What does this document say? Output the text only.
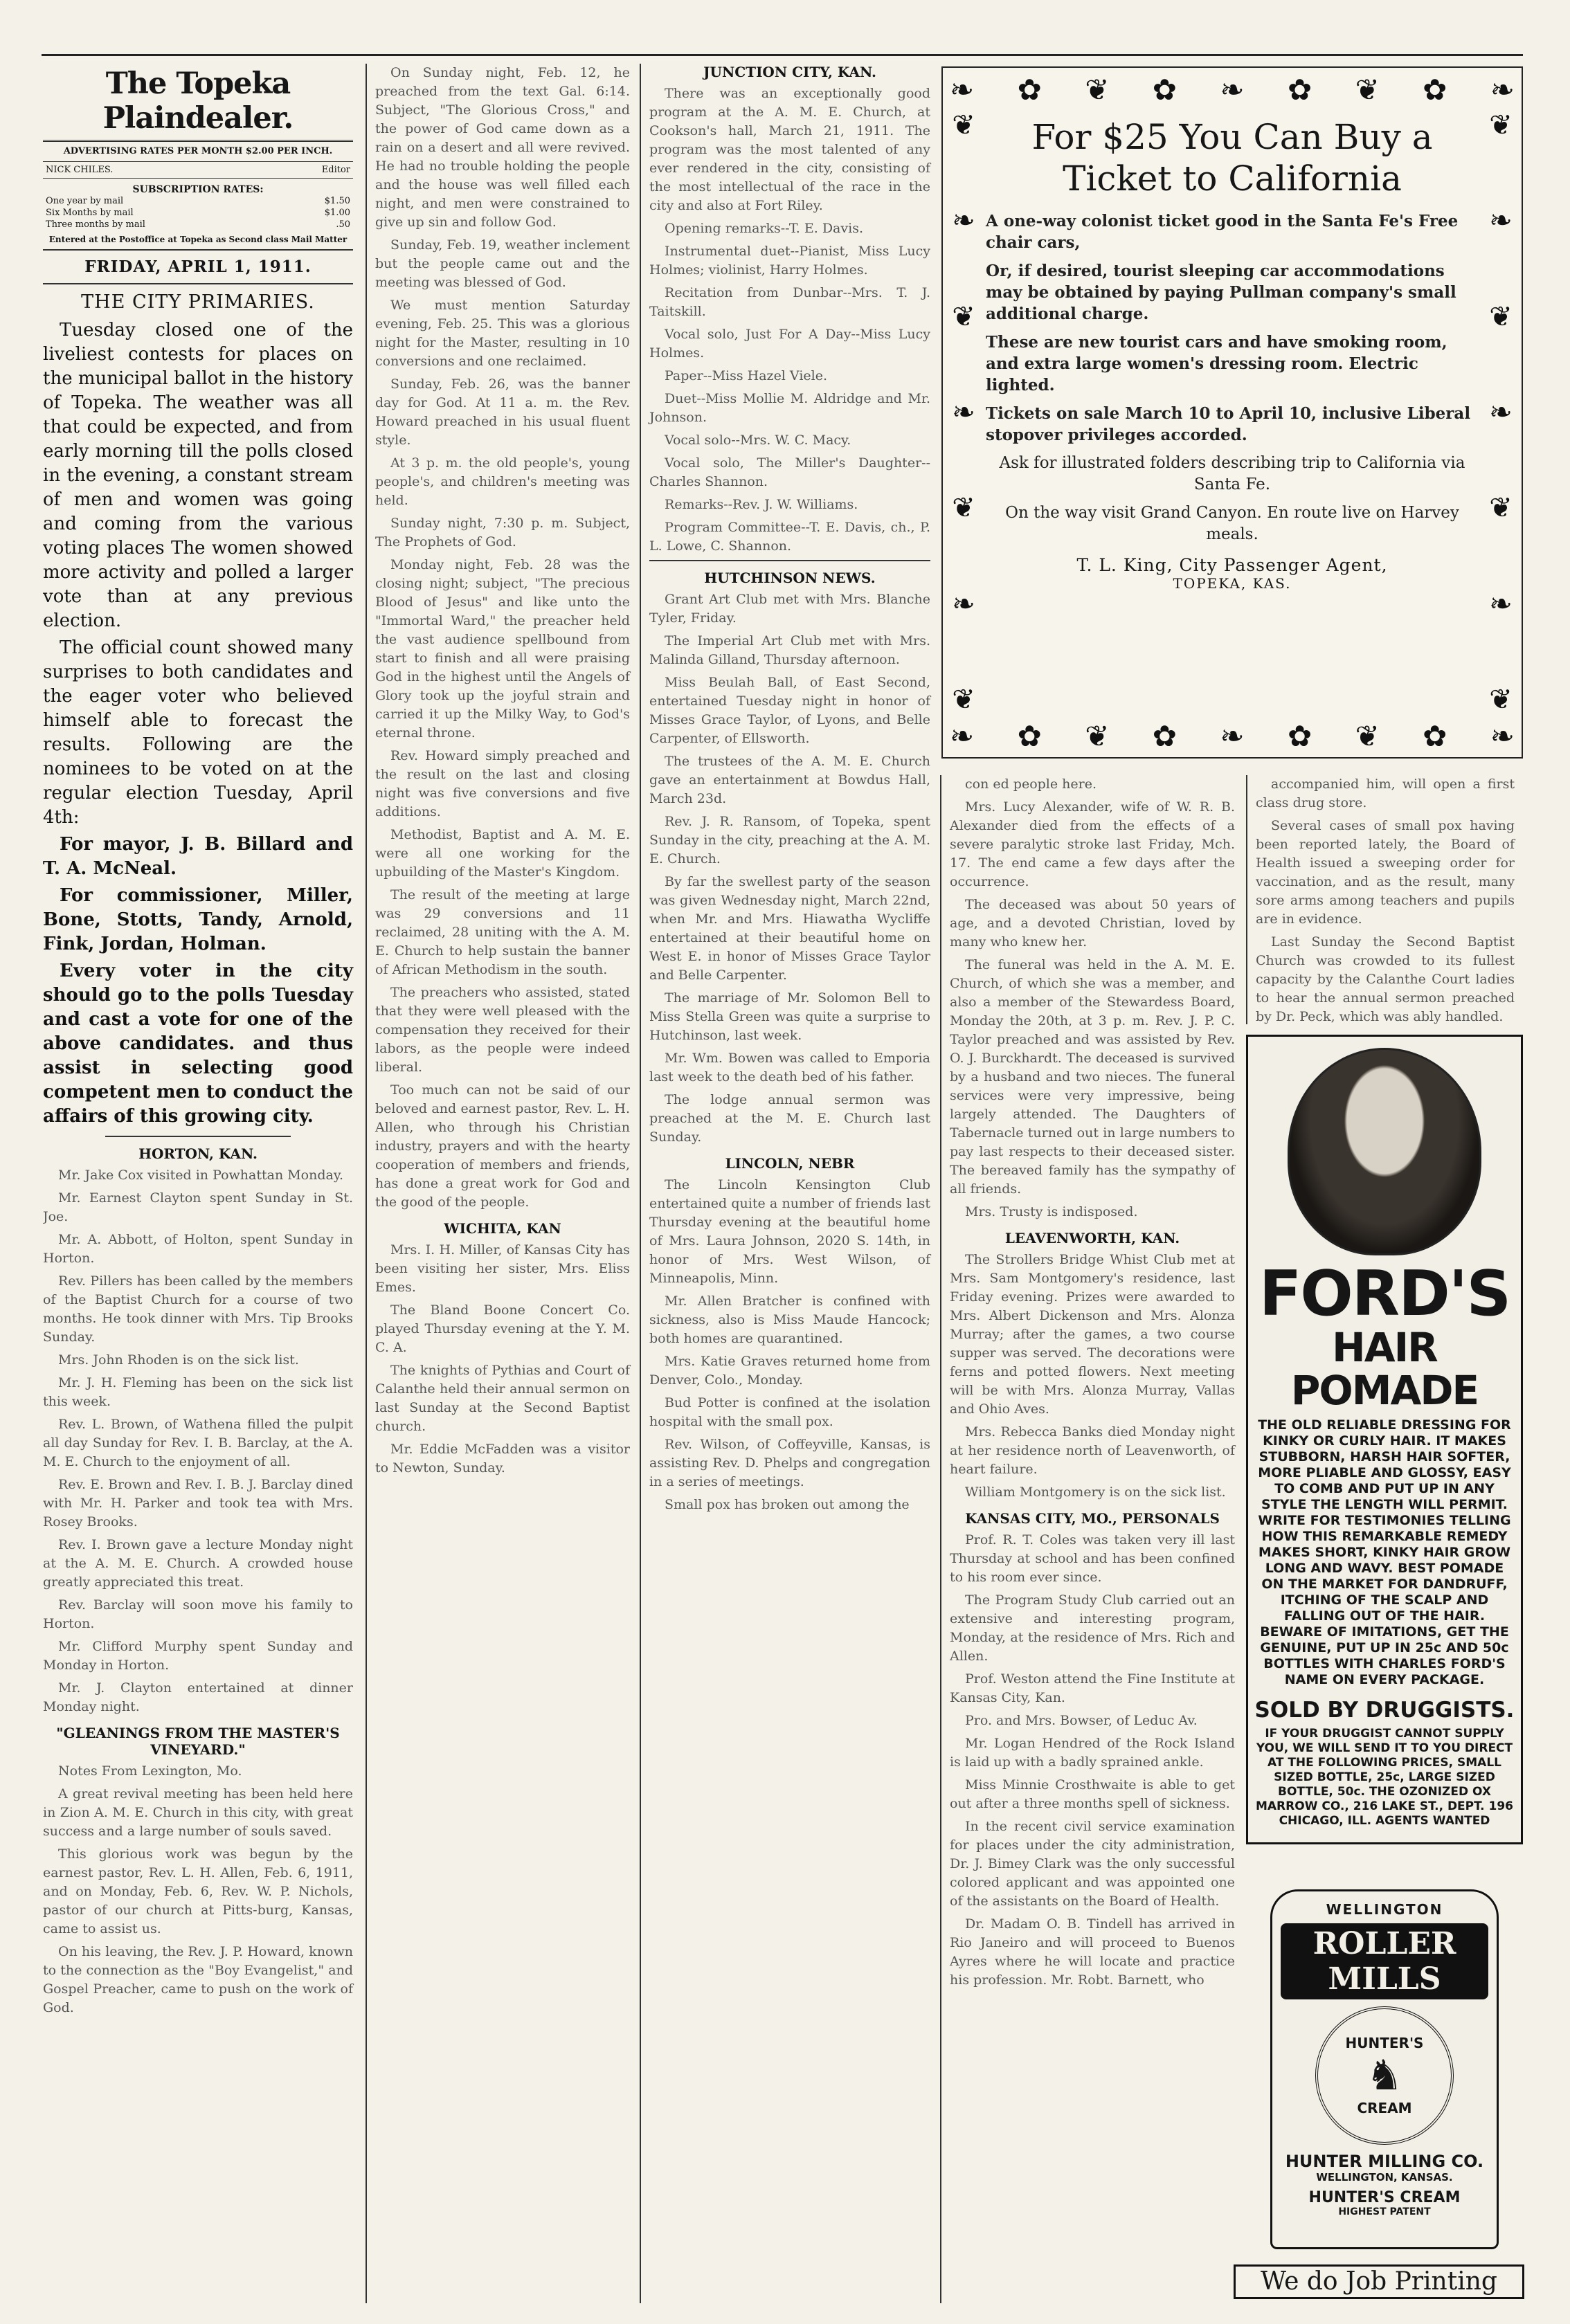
The Topeka Plaindealer.
ADVERTISING RATES PER MONTH $2.00 PER INCH.
NICK CHILES.	Editor
SUBSCRIPTION RATES:
One year by mail	$1.50
Six Months by mail	$1.00
Three months by mail	.50
Entered at the Postoffice at Topeka as Second class Mail Matter
FRIDAY, APRIL 1, 1911.
THE CITY PRIMARIES.

Tuesday closed one of the liveliest contests for places on the municipal ballot in the history of Topeka. The weather was all that could be expected, and from early morning till the polls closed in the evening, a constant stream of men and women was going and coming from the various voting places The women showed more activity and polled a larger vote than at any previous election.

The official count showed many surprises to both candidates and the eager voter who believed himself able to forecast the results. Following are the nominees to be voted on at the regular election Tuesday, April 4th:

For mayor, J. B. Billard and T. A. McNeal.

For commissioner, Miller, Bone, Stotts, Tandy, Arnold, Fink, Jordan, Holman.

Every voter in the city should go to the polls Tuesday and cast a vote for one of the above candidates. and thus assist in selecting good competent men to conduct the affairs of this growing city.

HORTON, KAN.

Mr. Jake Cox visited in Powhattan Monday.

Mr. Earnest Clayton spent Sunday in St. Joe.

Mr. A. Abbott, of Holton, spent Sunday in Horton.

Rev. Pillers has been called by the members of the Baptist Church for a course of two months. He took dinner with Mrs. Tip Brooks Sunday.

Mrs. John Rhoden is on the sick list.

Mr. J. H. Fleming has been on the sick list this week.

Rev. L. Brown, of Wathena filled the pulpit all day Sunday for Rev. I. B. Barclay, at the A. M. E. Church to the enjoyment of all.

Rev. E. Brown and Rev. I. B. J. Barclay dined with Mr. H. Parker and took tea with Mrs. Rosey Brooks.

Rev. I. Brown gave a lecture Monday night at the A. M. E. Church. A crowded house greatly appreciated this treat.

Rev. Barclay will soon move his family to Horton.

Mr. Clifford Murphy spent Sunday and Monday in Horton.

Mr. J. Clayton entertained at dinner Monday night.

"GLEANINGS FROM THE MASTER'S VINEYARD."

Notes From Lexington, Mo.

A great revival meeting has been held here in Zion A. M. E. Church in this city, with great success and a large number of souls saved.

This glorious work was begun by the earnest pastor, Rev. L. H. Allen, Feb. 6, 1911, and on Monday, Feb. 6, Rev. W. P. Nichols, pastor of our church at Pitts-burg, Kansas, came to assist us.

On his leaving, the Rev. J. P. Howard, known to the connection as the "Boy Evangelist," and Gospel Preacher, came to push on the work of God.

On Sunday night, Feb. 12, he preached from the text Gal. 6:14. Subject, "The Glorious Cross," and the power of God came down as a rain on a desert and all were revived. He had no trouble holding the people and the house was well filled each night, and men were constrained to give up sin and follow God.

Sunday, Feb. 19, weather inclement but the people came out and the meeting was blessed of God.

We must mention Saturday evening, Feb. 25. This was a glorious night for the Master, resulting in 10 conversions and one reclaimed.

Sunday, Feb. 26, was the banner day for God. At 11 a. m. the Rev. Howard preached in his usual fluent style.

At 3 p. m. the old people's, young people's, and children's meeting was held.

Sunday night, 7:30 p. m. Subject, The Prophets of God.

Monday night, Feb. 28 was the closing night; subject, "The precious Blood of Jesus" and like unto the "Immortal Ward," the preacher held the vast audience spellbound from start to finish and all were praising God in the highest until the Angels of Glory took up the joyful strain and carried it up the Milky Way, to God's eternal throne.

Rev. Howard simply preached and the result on the last and closing night was five conversions and five additions.

Methodist, Baptist and A. M. E. were all one working for the upbuilding of the Master's Kingdom.

The result of the meeting at large was 29 conversions and 11 reclaimed, 28 uniting with the A. M. E. Church to help sustain the banner of African Methodism in the south.

The preachers who assisted, stated that they were well pleased with the compensation they received for their labors, as the people were indeed liberal.

Too much can not be said of our beloved and earnest pastor, Rev. L. H. Allen, who through his Christian industry, prayers and with the hearty cooperation of members and friends, has done a great work for God and the good of the people.

WICHITA, KAN

Mrs. I. H. Miller, of Kansas City has been visiting her sister, Mrs. Eliss Emes.

The Bland Boone Concert Co. played Thursday evening at the Y. M. C. A.

The knights of Pythias and Court of Calanthe held their annual sermon on last Sunday at the Second Baptist church.

Mr. Eddie McFadden was a visitor to Newton, Sunday.

JUNCTION CITY, KAN.

There was an exceptionally good program at the A. M. E. Church, at Cookson's hall, March 21, 1911. The program was the most talented of any ever rendered in the city, consisting of the most intellectual of the race in the city and also at Fort Riley.

Opening remarks--T. E. Davis.

Instrumental duet--Pianist, Miss Lucy Holmes; violinist, Harry Holmes.

Recitation from Dunbar--Mrs. T. J. Taitskill.

Vocal solo, Just For A Day--Miss Lucy Holmes.

Paper--Miss Hazel Viele.

Duet--Miss Mollie M. Aldridge and Mr. Johnson.

Vocal solo--Mrs. W. C. Macy.

Vocal solo, The Miller's Daughter--Charles Shannon.

Remarks--Rev. J. W. Williams.

Program Committee--T. E. Davis, ch., P. L. Lowe, C. Shannon.

HUTCHINSON NEWS.

Grant Art Club met with Mrs. Blanche Tyler, Friday.

The Imperial Art Club met with Mrs. Malinda Gilland, Thursday afternoon.

Miss Beulah Ball, of East Second, entertained Tuesday night in honor of Misses Grace Taylor, of Lyons, and Belle Carpenter, of Ellsworth.

The trustees of the A. M. E. Church gave an entertainment at Bowdus Hall, March 23d.

Rev. J. R. Ransom, of Topeka, spent Sunday in the city, preaching at the A. M. E. Church.

By far the swellest party of the season was given Wednesday night, March 22nd, when Mr. and Mrs. Hiawatha Wycliffe entertained at their beautiful home on West E. in honor of Misses Grace Taylor and Belle Carpenter.

The marriage of Mr. Solomon Bell to Miss Stella Green was quite a surprise to Hutchinson, last week.

Mr. Wm. Bowen was called to Emporia last week to the death bed of his father.

The lodge annual sermon was preached at the M. E. Church last Sunday.

LINCOLN, NEBR

The Lincoln Kensington Club entertained quite a number of friends last Thursday evening at the beautiful home of Mrs. Laura Johnson, 2020 S. 14th, in honor of Mrs. West Wilson, of Minneapolis, Minn.

Mr. Allen Bratcher is confined with sickness, also is Miss Maude Hancock; both homes are quarantined.

Mrs. Katie Graves returned home from Denver, Colo., Monday.

Bud Potter is confined at the isolation hospital with the small pox.

Rev. Wilson, of Coffeyville, Kansas, is assisting Rev. D. Phelps and congregation in a series of meetings.

Small pox has broken out among the

❧ ✿ ❦ ✿ ❧ ✿ ❦ ✿ ❧
❧ ✿ ❦ ✿ ❧ ✿ ❦ ✿ ❧
❦
❧
❦
❧
❦
❧
❦
❦
❧
❦
❧
❦
❧
❦
For $25 You Can Buy a
Ticket to California

A one-way colonist ticket good in the Santa Fe's Free chair cars,

Or, if desired, tourist sleeping car accommodations may be obtained by paying Pullman company's small additional charge.

These are new tourist cars and have smoking room, and extra large women's dressing room. Electric lighted.

Tickets on sale March 10 to April 10, inclusive Liberal stopover privileges accorded.

Ask for illustrated folders describing trip to California via Santa Fe.
On the way visit Grand Canyon. En route live on Harvey meals.
T. L. King, City Passenger Agent,
TOPEKA, KAS.

con ed people here.

Mrs. Lucy Alexander, wife of W. R. B. Alexander died from the effects of a severe paralytic stroke last Friday, Mch. 17. The end came a few days after the occurrence.

The deceased was about 50 years of age, and a devoted Christian, loved by many who knew her.

The funeral was held in the A. M. E. Church, of which she was a member, and also a member of the Stewardess Board, Monday the 20th, at 3 p. m. Rev. J. P. C. Taylor preached and was assisted by Rev. O. J. Burckhardt. The deceased is survived by a husband and two nieces. The funeral services were very impressive, being largely attended. The Daughters of Tabernacle turned out in large numbers to pay last respects to their deceased sister. The bereaved family has the sympathy of all friends.

Mrs. Trusty is indisposed.

LEAVENWORTH, KAN.

The Strollers Bridge Whist Club met at Mrs. Sam Montgomery's residence, last Friday evening. Prizes were awarded to Mrs. Albert Dickenson and Mrs. Alonza Murray; after the games, a two course supper was served. The decorations were ferns and potted flowers. Next meeting will be with Mrs. Alonza Murray, Vallas and Ohio Aves.

Mrs. Rebecca Banks died Monday night at her residence north of Leavenworth, of heart failure.

William Montgomery is on the sick list.

KANSAS CITY, MO., PERSONALS

Prof. R. T. Coles was taken very ill last Thursday at school and has been confined to his room ever since.

The Program Study Club carried out an extensive and interesting program, Monday, at the residence of Mrs. Rich and Allen.

Prof. Weston attend the Fine Institute at Kansas City, Kan.

Pro. and Mrs. Bowser, of Leduc Av.

Mr. Logan Hendred of the Rock Island is laid up with a badly sprained ankle.

Miss Minnie Crosthwaite is able to get out after a three months spell of sickness.

In the recent civil service examination for places under the city administration, Dr. J. Bimey Clark was the only successful colored applicant and was appointed one of the assistants on the Board of Health.

Dr. Madam O. B. Tindell has arrived in Rio Janeiro and will proceed to Buenos Ayres where he will locate and practice his profession. Mr. Robt. Barnett, who

accompanied him, will open a first class drug store.

Several cases of small pox having been reported lately, the Board of Health issued a sweeping order for vaccination, and as the result, many sore arms among teachers and pupils are in evidence.

Last Sunday the Second Baptist Church was crowded to its fullest capacity by the Calanthe Court ladies to hear the annual sermon preached by Dr. Peck, which was ably handled.

FORD'S
HAIR POMADE
THE OLD RELIABLE DRESSING FOR KINKY OR CURLY HAIR. IT MAKES STUBBORN, HARSH HAIR SOFTER, MORE PLIABLE AND GLOSSY, EASY TO COMB AND PUT UP IN ANY STYLE THE LENGTH WILL PERMIT. WRITE FOR TESTIMONIES TELLING HOW THIS REMARKABLE REMEDY MAKES SHORT, KINKY HAIR GROW LONG AND WAVY. BEST POMADE ON THE MARKET FOR DANDRUFF, ITCHING OF THE SCALP AND FALLING OUT OF THE HAIR. BEWARE OF IMITATIONS, GET THE GENUINE, PUT UP IN 25c AND 50c BOTTLES WITH CHARLES FORD'S NAME ON EVERY PACKAGE.
SOLD BY DRUGGISTS.
IF YOUR DRUGGIST CANNOT SUPPLY YOU, WE WILL SEND IT TO YOU DIRECT AT THE FOLLOWING PRICES, SMALL SIZED BOTTLE, 25c, LARGE SIZED BOTTLE, 50c. THE OZONIZED OX MARROW CO., 216 LAKE ST., DEPT. 196 CHICAGO, ILL. AGENTS WANTED
WELLINGTON
ROLLER MILLS
HUNTER'S
♞
CREAM
HUNTER MILLING CO.
WELLINGTON, KANSAS.
HUNTER'S CREAM
HIGHEST PATENT
We do Job Printing
